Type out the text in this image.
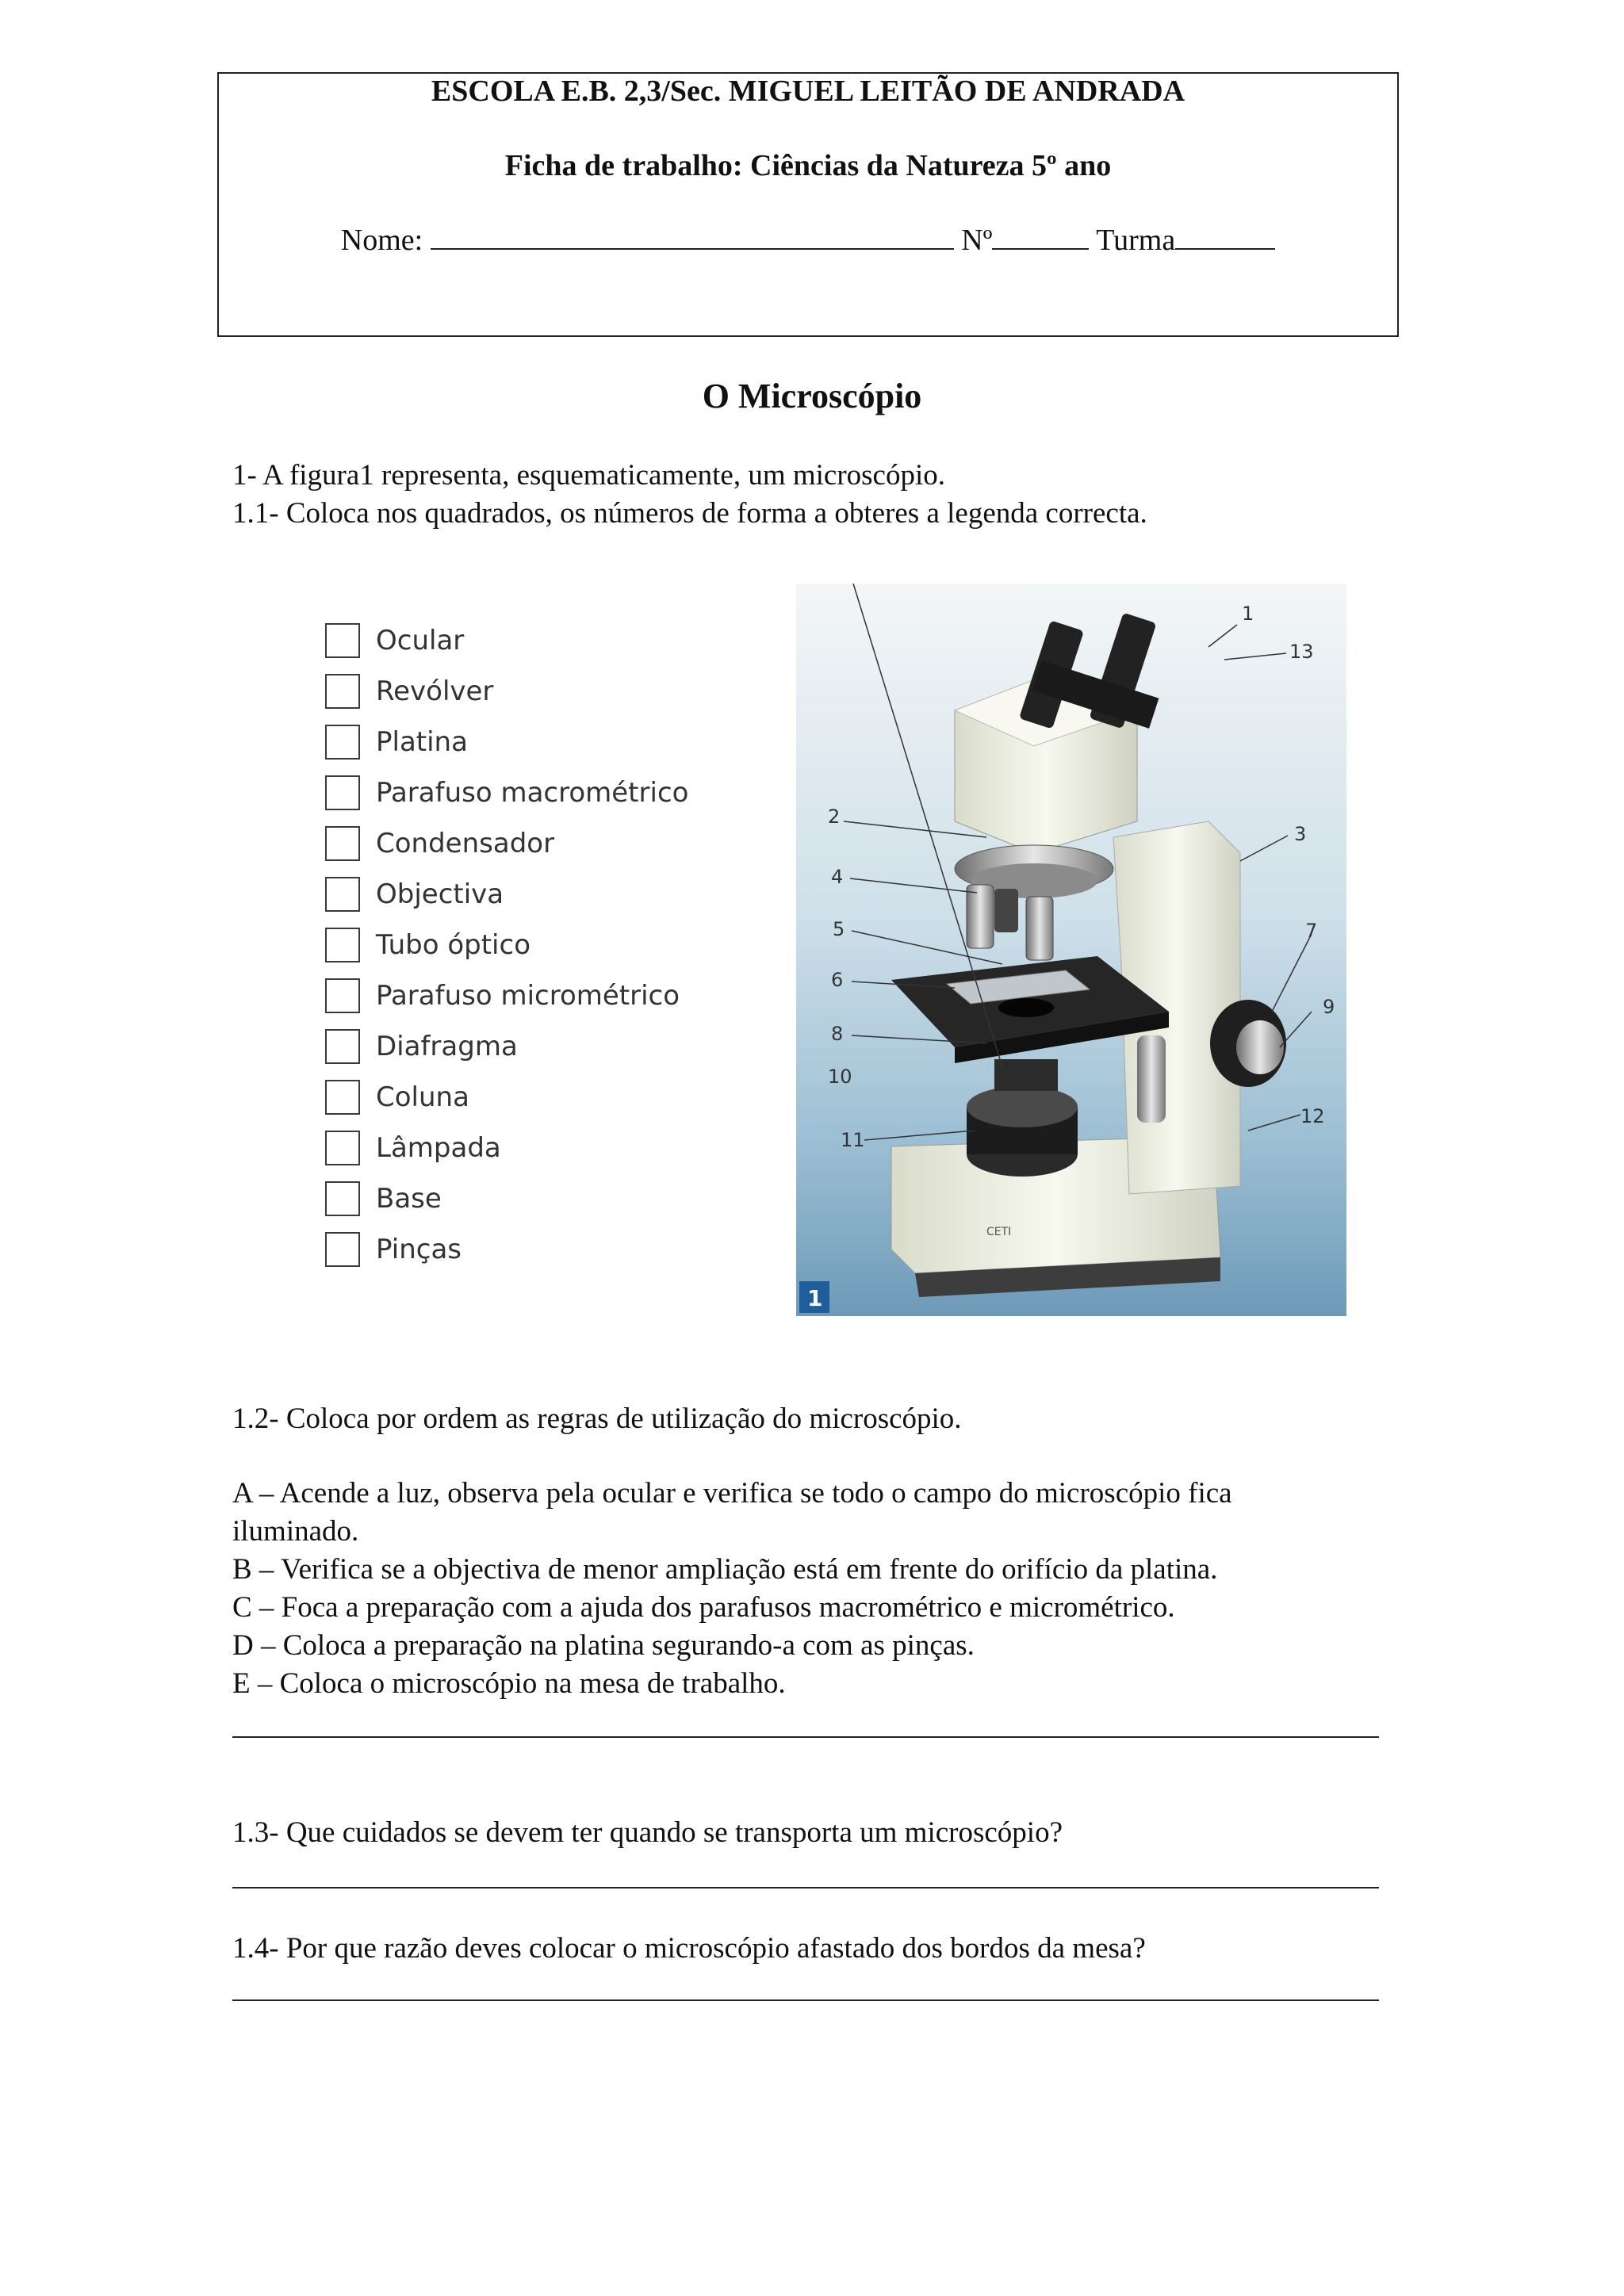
ESCOLA E.B. 2,3/Sec. MIGUEL LEITÃO DE ANDRADA
Ficha de trabalho: Ciências da Natureza 5º ano
Nome:	Nº	Turma
O Microscópio
1- A figura1 representa, esquematicamente, um microscópio.
1.1- Coloca nos quadrados, os números de forma a obteres a legenda correcta.
Ocular
Revólver
Platina
Parafuso macrométrico
Condensador
Objectiva
Tubo óptico
Parafuso micrométrico
Diafragma
Coluna
Lâmpada
Base
Pinças
CETI
1
2
3
4
5
6
7
8
9
10
11
12
13
1
1.2- Coloca por ordem as regras de utilização do microscópio.
A – Acende a luz, observa pela ocular e verifica se todo o campo do microscópio fica
iluminado.
B – Verifica se a objectiva de menor ampliação está em frente do orifício da platina.
C – Foca a preparação com a ajuda dos parafusos macrométrico e micrométrico.
D – Coloca a preparação na platina segurando-a com as pinças.
E – Coloca o microscópio na mesa de trabalho.
1.3- Que cuidados se devem ter quando se transporta um microscópio?
1.4- Por que razão deves colocar o microscópio afastado dos bordos da mesa?
